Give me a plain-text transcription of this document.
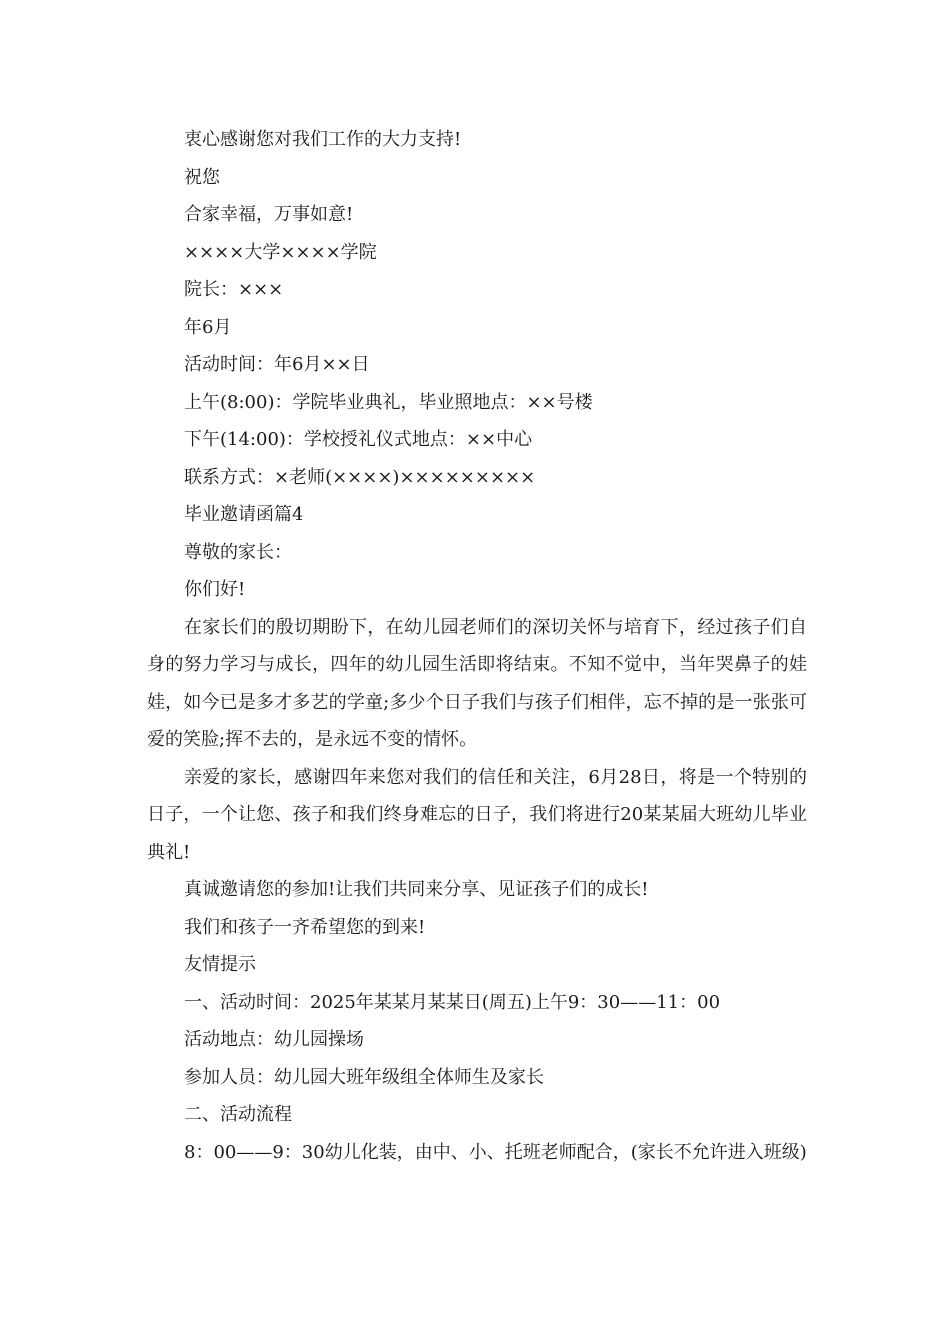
衷心感谢您对我们工作的大力支持!

祝您

合家幸福，万事如意!

××××大学××××学院

院长：×××

年6月

活动时间：年6月××日

上午(8:00)：学院毕业典礼，毕业照地点：××号楼

下午(14:00)：学校授礼仪式地点：××中心

联系方式：×老师(××××)×××××××××

毕业邀请函篇4

尊敬的家长：

你们好!

在家长们的殷切期盼下，在幼儿园老师们的深切关怀与培育下，经过孩子们自身的努力学习与成长，四年的幼儿园生活即将结束。不知不觉中，当年哭鼻子的娃娃，如今已是多才多艺的学童;多少个日子我们与孩子们相伴，忘不掉的是一张张可爱的笑脸;挥不去的，是永远不变的情怀。

亲爱的家长，感谢四年来您对我们的信任和关注，6月28日，将是一个特别的日子，一个让您、孩子和我们终身难忘的日子，我们将进行20某某届大班幼儿毕业典礼!

真诚邀请您的参加!让我们共同来分享、见证孩子们的成长!

我们和孩子一齐希望您的到来!

友情提示

一、活动时间：2025年某某月某某日(周五)上午9：30——11：00

活动地点：幼儿园操场

参加人员：幼儿园大班年级组全体师生及家长

二、活动流程

8：00——9：30幼儿化装，由中、小、托班老师配合，(家长不允许进入班级)
